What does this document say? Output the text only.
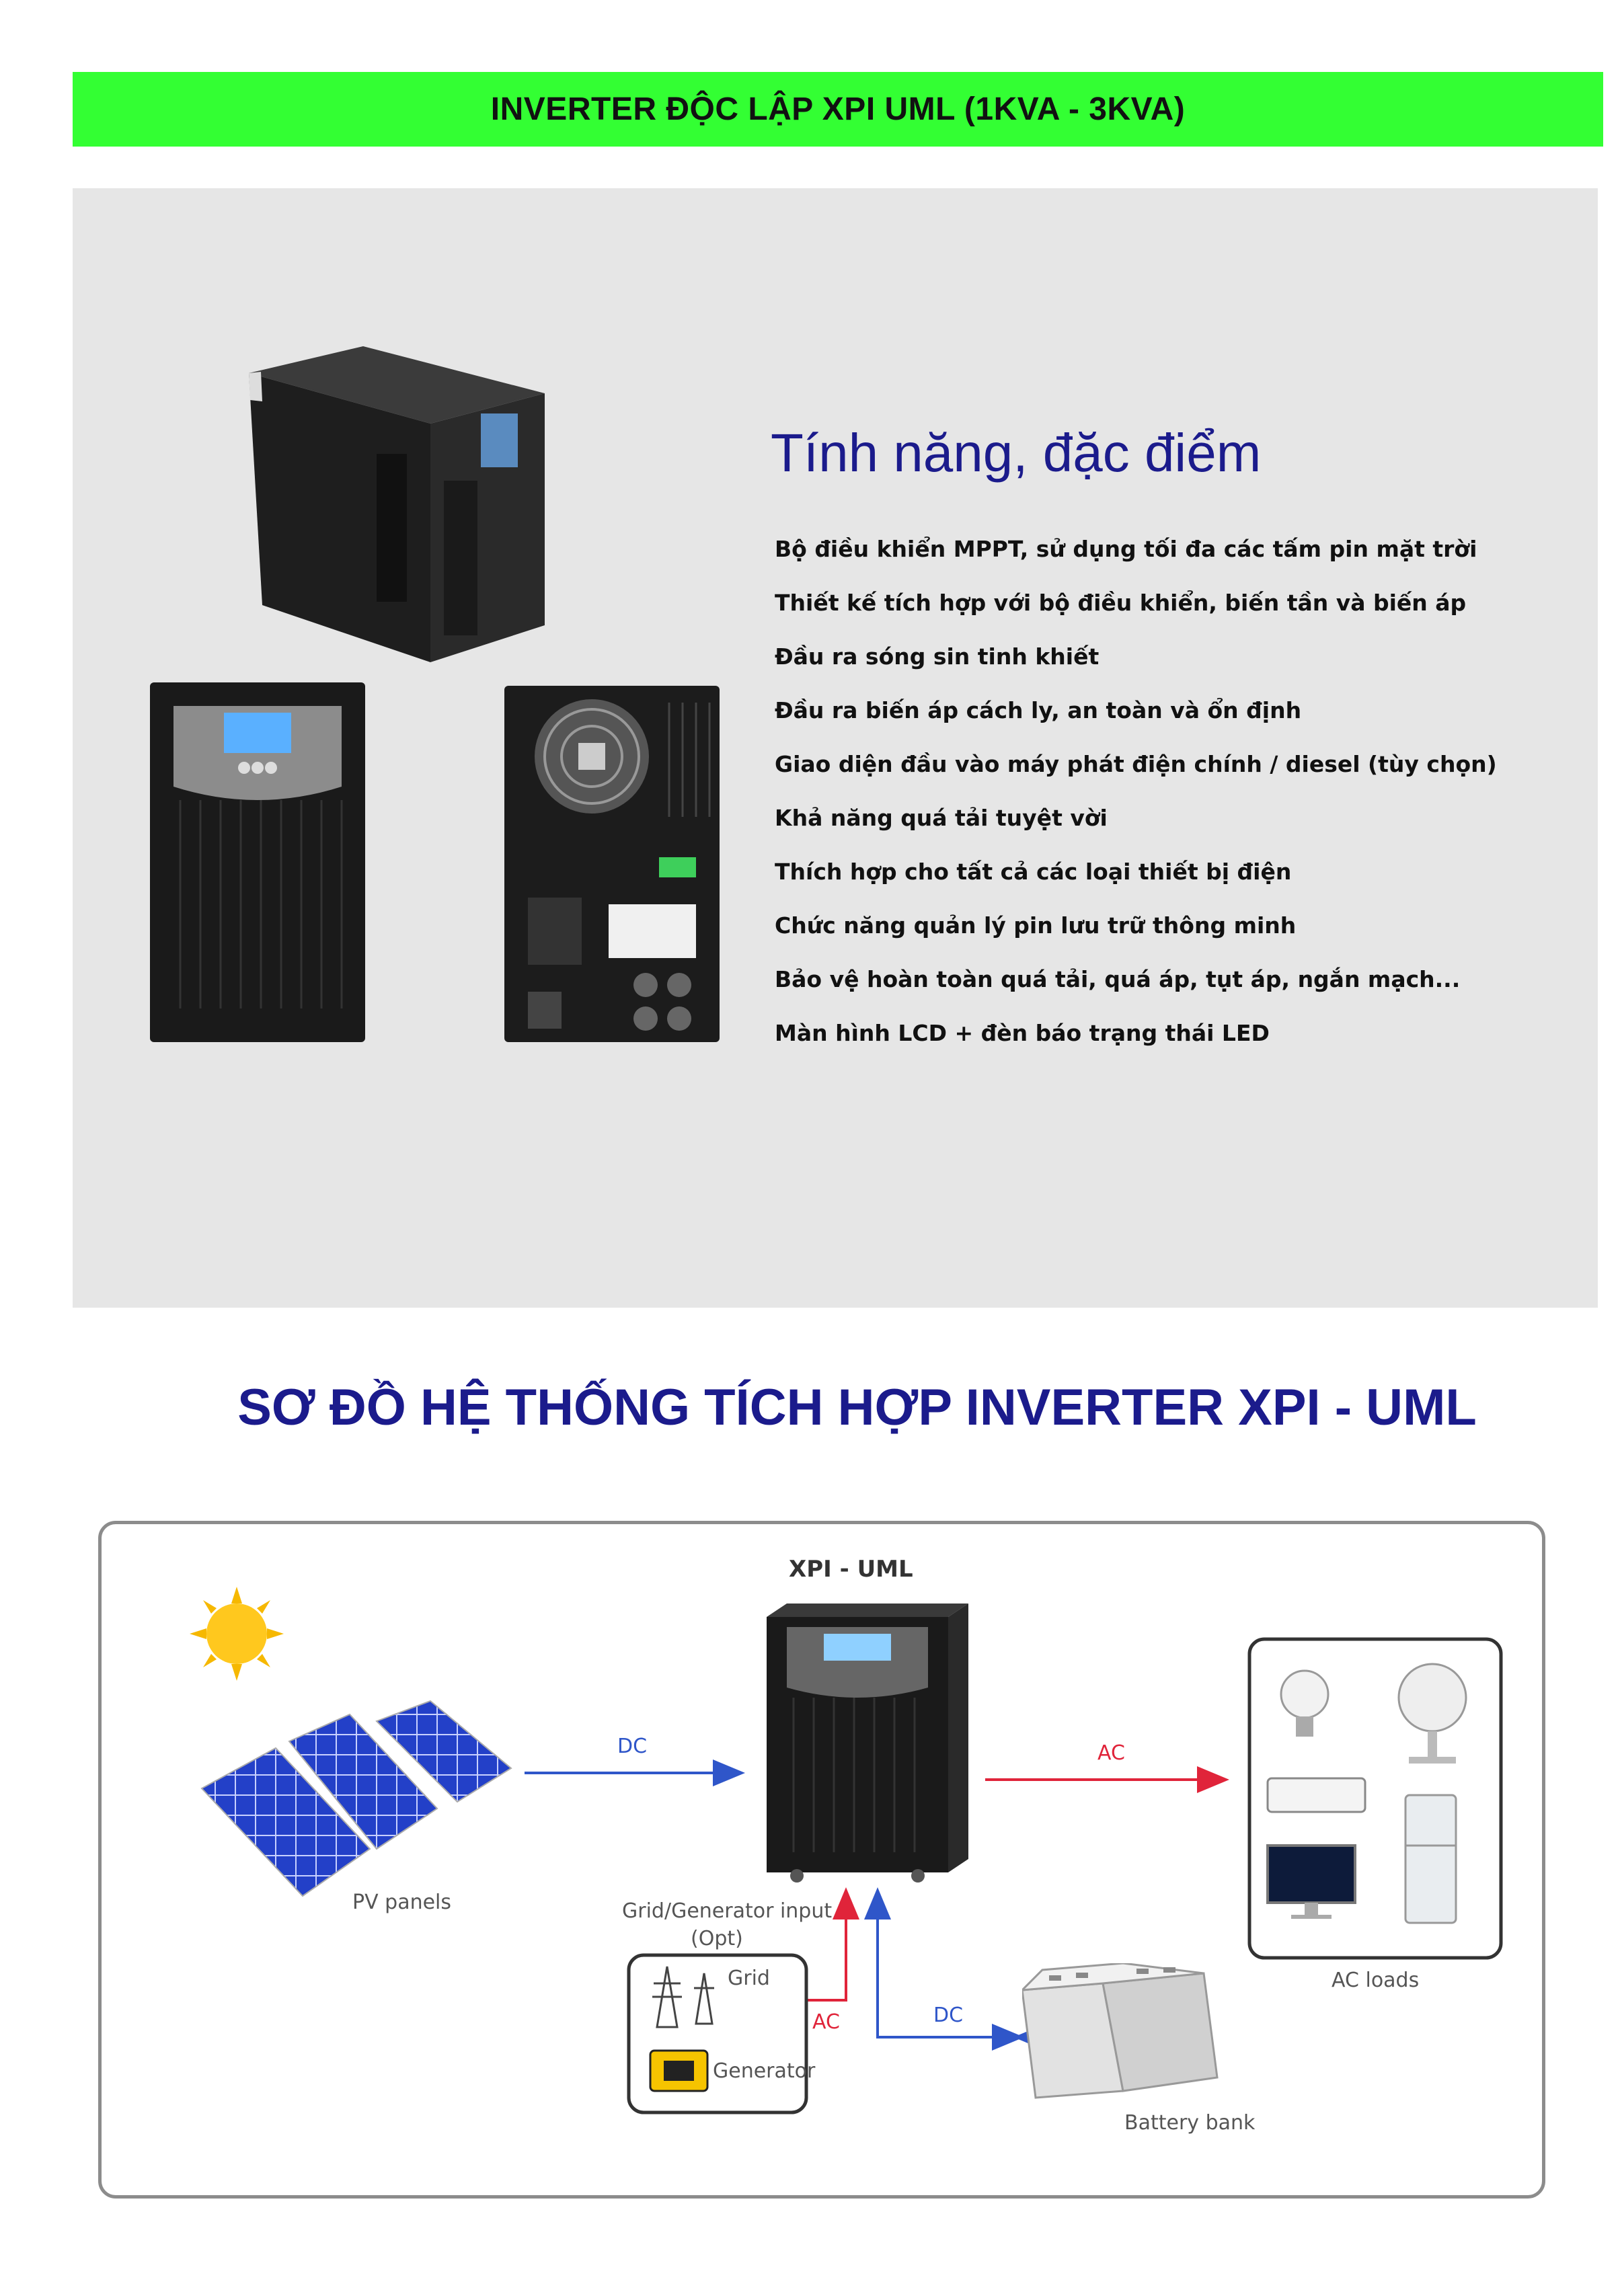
INVERTER ĐỘC LẬP XPI UML (1KVA - 3KVA)
Tính năng, đặc điểm
Bộ điều khiển MPPT, sử dụng tối đa các tấm pin mặt trời
Thiết kế tích hợp với bộ điều khiển, biến tần và biến áp
Đầu ra sóng sin tinh khiết
Đầu ra biến áp cách ly, an toàn và ổn định
Giao diện đầu vào máy phát điện chính / diesel (tùy chọn)
Khả năng quá tải tuyệt vời
Thích hợp cho tất cả các loại thiết bị điện
Chức năng quản lý pin lưu trữ thông minh
Bảo vệ hoàn toàn quá tải, quá áp, tụt áp, ngắn mạch...
Màn hình LCD + đèn báo trạng thái LED
SƠ ĐỒ HỆ THỐNG TÍCH HỢP INVERTER XPI - UML
PV panels
XPI - UML
AC loads
DC	AC
AC	DC
Grid/Generator input
(Opt)
Grid
Generator
Battery bank
